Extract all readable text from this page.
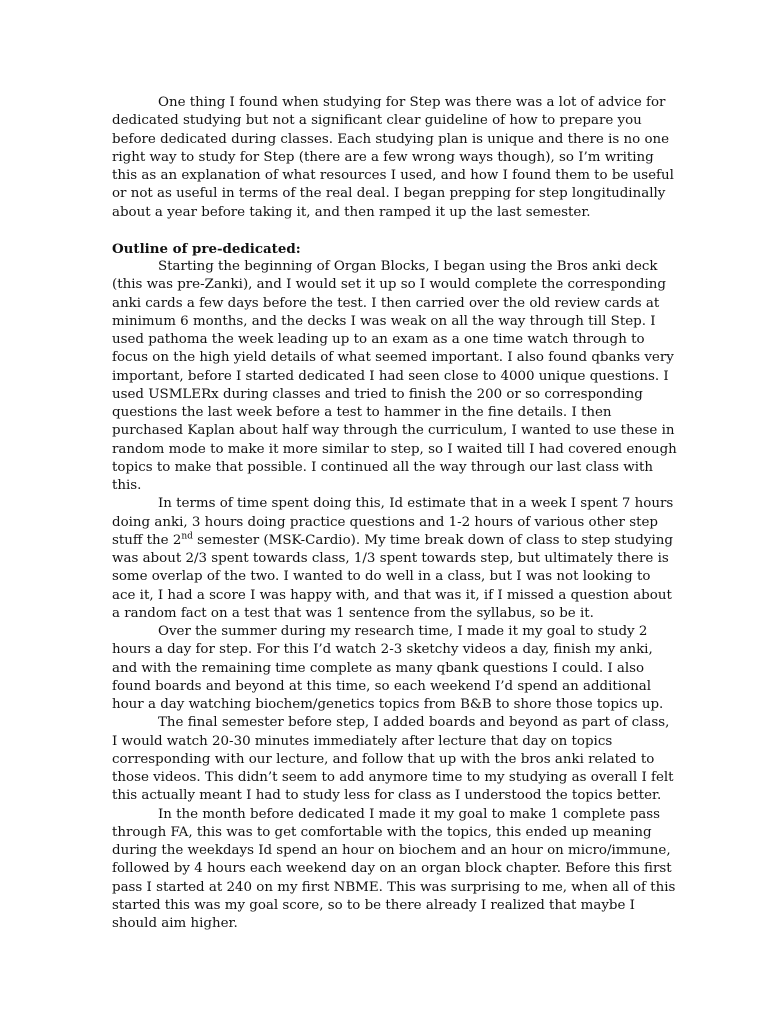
One thing I found when studying for Step was there was a lot of advice for dedicated studying but not a significant clear guideline of how to prepare you before dedicated during classes. Each studying plan is unique and there is no one right way to study for Step (there are a few wrong ways though), so I’m writing this as an explanation of what resources I used, and how I found them to be useful or not as useful in terms of the real deal. I began prepping for step longitudinally about a year before taking it, and then ramped it up the last semester.

Outline of pre-dedicated:

Starting the beginning of Organ Blocks, I began using the Bros anki deck (this was pre-Zanki), and I would set it up so I would complete the corresponding anki cards a few days before the test. I then carried over the old review cards at minimum 6 months, and the decks I was weak on all the way through till Step. I used pathoma the week leading up to an exam as a one time watch through to focus on the high yield details of what seemed important. I also found qbanks very important, before I started dedicated I had seen close to 4000 unique questions. I used USMLERx during classes and tried to finish the 200 or so corresponding questions the last week before a test to hammer in the fine details. I then purchased Kaplan about half way through the curriculum, I wanted to use these in random mode to make it more similar to step, so I waited till I had covered enough topics to make that possible. I continued all the way through our last class with this.

In terms of time spent doing this, Id estimate that in a week I spent 7 hours doing anki, 3 hours doing practice questions and 1-2 hours of various other step stuff the 2nd semester (MSK-Cardio). My time break down of class to step studying was about 2/3 spent towards class, 1/3 spent towards step, but ultimately there is some overlap of the two. I wanted to do well in a class, but I was not looking to ace it, I had a score I was happy with, and that was it, if I missed a question about a random fact on a test that was 1 sentence from the syllabus, so be it.

Over the summer during my research time, I made it my goal to study 2 hours a day for step. For this I’d watch 2-3 sketchy videos a day, finish my anki, and with the remaining time complete as many qbank questions I could. I also found boards and beyond at this time, so each weekend I’d spend an additional hour a day watching biochem/genetics topics from B&B to shore those topics up.

The final semester before step, I added boards and beyond as part of class, I would watch 20-30 minutes immediately after lecture that day on topics corresponding with our lecture, and follow that up with the bros anki related to those videos. This didn’t seem to add anymore time to my studying as overall I felt this actually meant I had to study less for class as I understood the topics better.

In the month before dedicated I made it my goal to make 1 complete pass through FA, this was to get comfortable with the topics, this ended up meaning during the weekdays Id spend an hour on biochem and an hour on micro/immune, followed by 4 hours each weekend day on an organ block chapter. Before this first pass I started at 240 on my first NBME. This was surprising to me, when all of this started this was my goal score, so to be there already I realized that maybe I should aim higher.
